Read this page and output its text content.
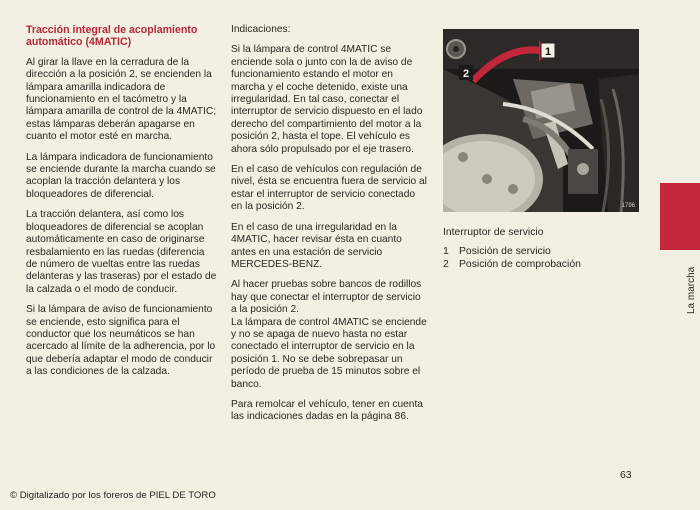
Tracción integral de acoplamiento automático (4MATIC)

Al girar la llave en la cerradura de la dirección a la posición 2, se encienden la lámpara amarilla indicadora de funcionamiento en el tacómetro y la lámpara amarilla de control de la 4MATIC; estas lámparas deberán apagarse en cuanto el motor esté en marcha.

La lámpara indicadora de funcionamiento se enciende durante la marcha cuando se acoplan la tracción delantera y los bloqueadores de diferencial.

La tracción delantera, así como los bloqueadores de diferencial se acoplan automáticamente en caso de originarse resbalamiento en las ruedas (diferencia de número de vueltas entre las ruedas delanteras y las traseras) por el estado de la calzada o el modo de conducir.

Si la lámpara de aviso de funcionamiento se enciende, esto significa para el conductor que los neumáticos se han acercado al límite de la adherencia, por lo que debería adaptar el modo de conducir a las condiciones de la calzada.

Indicaciones:

Si la lámpara de control 4MATIC se enciende sola o junto con la de aviso de funcionamiento estando el motor en marcha y el coche detenido, existe una irregularidad. En tal caso, conectar el interruptor de servicio dispuesto en el lado derecho del compartimiento del motor a la posición 2, hasta el tope. El vehículo es ahora sólo propulsado por el eje trasero.

En el caso de vehículos con regulación de nivel, ésta se encuentra fuera de servicio al estar el interruptor de servicio conectado en la posición 2.

En el caso de una irregularidad en la 4MATIC, hacer revisar ésta en cuanto antes en una estación de servicio MERCEDES-BENZ.

Al hacer pruebas sobre bancos de rodillos hay que conectar el interruptor de servicio a la posición 2.
La lámpara de control 4MATIC se enciende y no se apaga de nuevo hasta no estar conectado el interruptor de servicio en la posición 1. No se debe sobrepasar un período de prueba de 15 minutos sobre el banco.

Para remolcar el vehículo, tener en cuenta las indicaciones dadas en la página 86.

1
2
1796
Interruptor de servicio
1 Posición de servicio
2 Posición de comprobación
La marcha
63
© Digitalizado por los foreros de PIEL DE TORO
